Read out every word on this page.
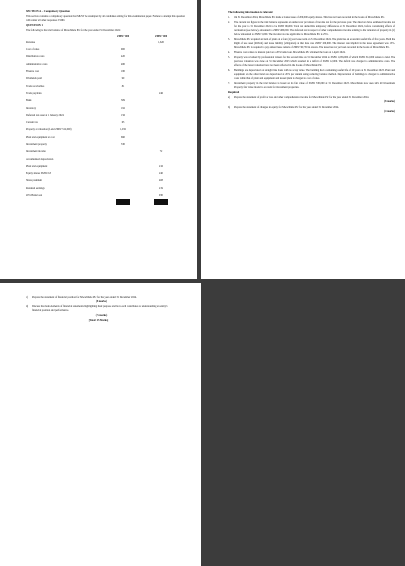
SECTION A – Compulsory Question
This section contains a compulsory question that MUST be attempted by all candidates sitting for this examination paper. Failure to attempt this question will render all other responses VOID.
QUESTION 1
The following is the trial balance of Mwachilele Plc for the year ended 31 December 2024:
	ZMW '000	ZMW '000
Revenue		1,620
Cost of sales	900	
Distribution costs	420	
Administrative costs	480	
Finance cost	180	
Dividends paid	90	
Trade receivables	81	
Trade payables		246
Bank	309	
Inventory	192	
Deferred tax asset at 1 January 2024	156	
Current tax	63	
Property at valuation (Land ZMW 312,000)	1,032	
Plant and equipment at cost	690	
Investment property	330	
Investment income		72
Accumulated depreciation		
Plant and equipment		216
Equity shares ZMW 0.8		240
Share premium		408
Retained earnings		219
20% Bank loan		930

The following information is relevant:
1. On 31 December 2024, Mwachilele Plc made a bonus issue of 200,000 equity shares. This has not been recorded in the books of Mwachilele Plc.
2. The current tax figure in the trial balance represents an under/over provision of income tax for the previous year. The directors have estimated income tax for the year to 31 December 2024 to be ZMW 96,000. Total tax deductible temporary differences at 31 December 2024, before considering effects of revaluation (see below), amounted to ZMW 480,000. The deferred tax in respect of other comprehensive income relating to the valuation of property in (v) below amounted to ZMW 5,000. The income tax rate applicable to Mwachilele Plc is 25%.
3. Mwachilele Plc acquired an item of plant on a four (4) year lease term on 31 December 2024. The plant has an economic useful life of five years. Both the Right of use asset (ROUA) and lease liability (obligation) at that date was ZMW 100,000. The interest rate implicit in the lease agreement was 15%. Mwachilele Plc is required to pay annual lease rentals of ZMW 36,750 in arrears. The lease has not yet been recorded in the books of Mwachilele Plc.
4. Finance cost relates to interest paid on a 20% bank loan. Mwachilele Plc obtained the loan on 1 April 2024.
5. Property was revalued by professional valuers for the second time on 31 December 2024 to ZMW 1,056,000 of which ZMW 312,000 relates to land. The previous valuation was done on 31 December 2023 which resulted in a deficit of ZMW 12,000. The deficit was charged to administrative costs. The effects of the latest valuation have not been reflected in the books of Mwachilele Plc.
6. Buildings are depreciated on straight line basis with no scrap value. The building had a remaining useful life of 20 years at 31 December 2023. Plant and equipment on the other hand are depreciated at 20% per annum using reducing balance method. Depreciation of buildings is charged to administrative costs while that of plant and equipment and leased plant is charged to cost of sales.
7. Investment property in the trial balance is based on its fair value of ZMW 330,000 at 31 December 2023. Mwachilele now uses IAS 40 Investment Property fair value model to account for investment properties.
Required
a) Prepare the statement of profit or loss and other comprehensive income for Mwachilele Plc for the year ended 31 December 2024.
(8 marks)
b) Prepare the statement of changes in equity for Mwachilele Plc for the year ended 31 December 2024.
(4 marks)
c) Prepare the statement of financial position for Mwachilele Plc for the year ended 31 December 2024.
(8 marks)
d) Discuss the main elements of financial statements highlighting their purpose and how each contributes to understanding an entity's financial position and performance.
( 5 marks)
[Total: 25 Marks]
